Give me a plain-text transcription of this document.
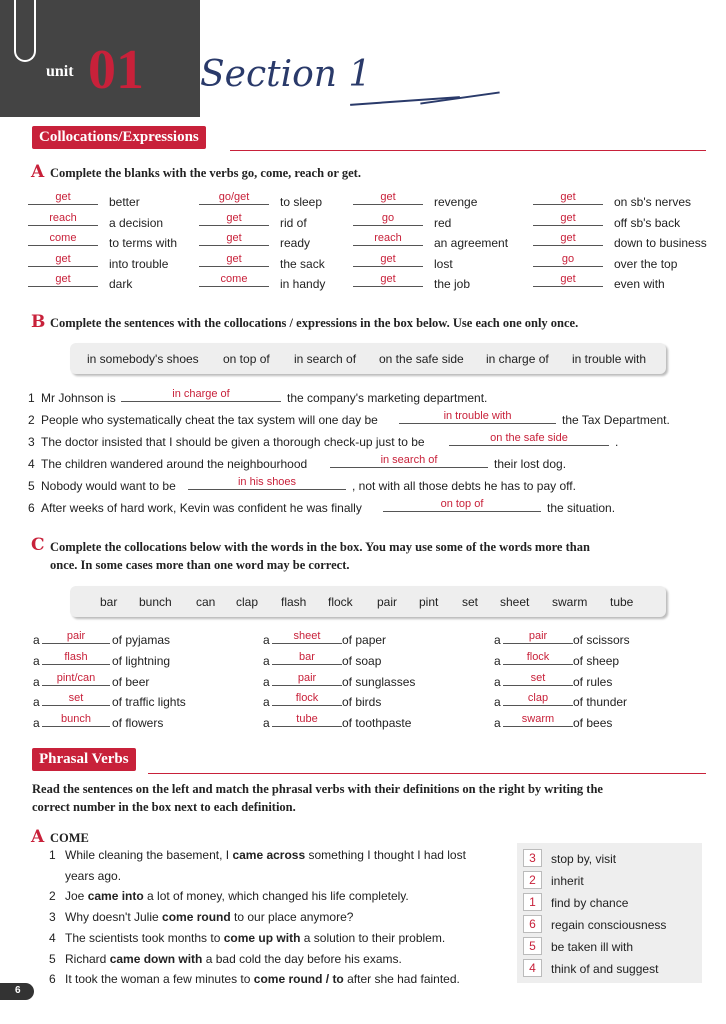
unit 01 Section 1
Collocations/Expressions
A Complete the blanks with the verbs go, come, reach or get.
get	better	go/get	to sleep	get	revenge	get	on sb's nerves
reach	a decision	get	rid of	go	red	get	off sb's back
come	to terms with	get	ready	reach	an agreement	get	down to business
get	into trouble	get	the sack	get	lost	go	over the top
get	dark	come	in handy	get	the job	get	even with
B Complete the sentences with the collocations / expressions in the box below. Use each one only once.
in somebody's shoes on top of in search of on the safe side in charge of in trouble with
1 Mr Johnson is	in charge of	the company's marketing department.
2 People who systematically cheat the tax system will one day be	in trouble with	the Tax Department.
3 The doctor insisted that I should be given a thorough check-up just to be	on the safe side	.
4 The children wandered around the neighbourhood	in search of	their lost dog.
5 Nobody would want to be	in his shoes	, not with all those debts he has to pay off.
6 After weeks of hard work, Kevin was confident he was finally	on top of	the situation.
C Complete the collocations below with the words in the box. You may use some of the words more than
once. In some cases more than one word may be correct.
bar bunch can clap flash flock pair pint set sheet swarm tube
a	pair	of pyjamas
a	flash	of lightning
a	pint/can	of beer
a	set	of traffic lights
a	bunch	of flowers
a	sheet	of paper
a	bar	of soap
a	pair	of sunglasses
a	flock	of birds
a	tube	of toothpaste
a	pair	of scissors
a	flock	of sheep
a	set	of rules
a	clap	of thunder
a	swarm	of bees
Phrasal Verbs
Read the sentences on the left and match the phrasal verbs with their definitions on the right by writing the
correct number in the box next to each definition.
A COME
1 While cleaning the basement, I came across something I thought I had lost
years ago.
2 Joe came into a lot of money, which changed his life completely.
3 Why doesn't Julie come round to our place anymore?
4 The scientists took months to come up with a solution to their problem.
5 Richard came down with a bad cold the day before his exams.
6 It took the woman a few minutes to come round / to after she had fainted.
3	stop by, visit
2	inherit
1	find by chance
6	regain consciousness
5	be taken ill with
4	think of and suggest
6
